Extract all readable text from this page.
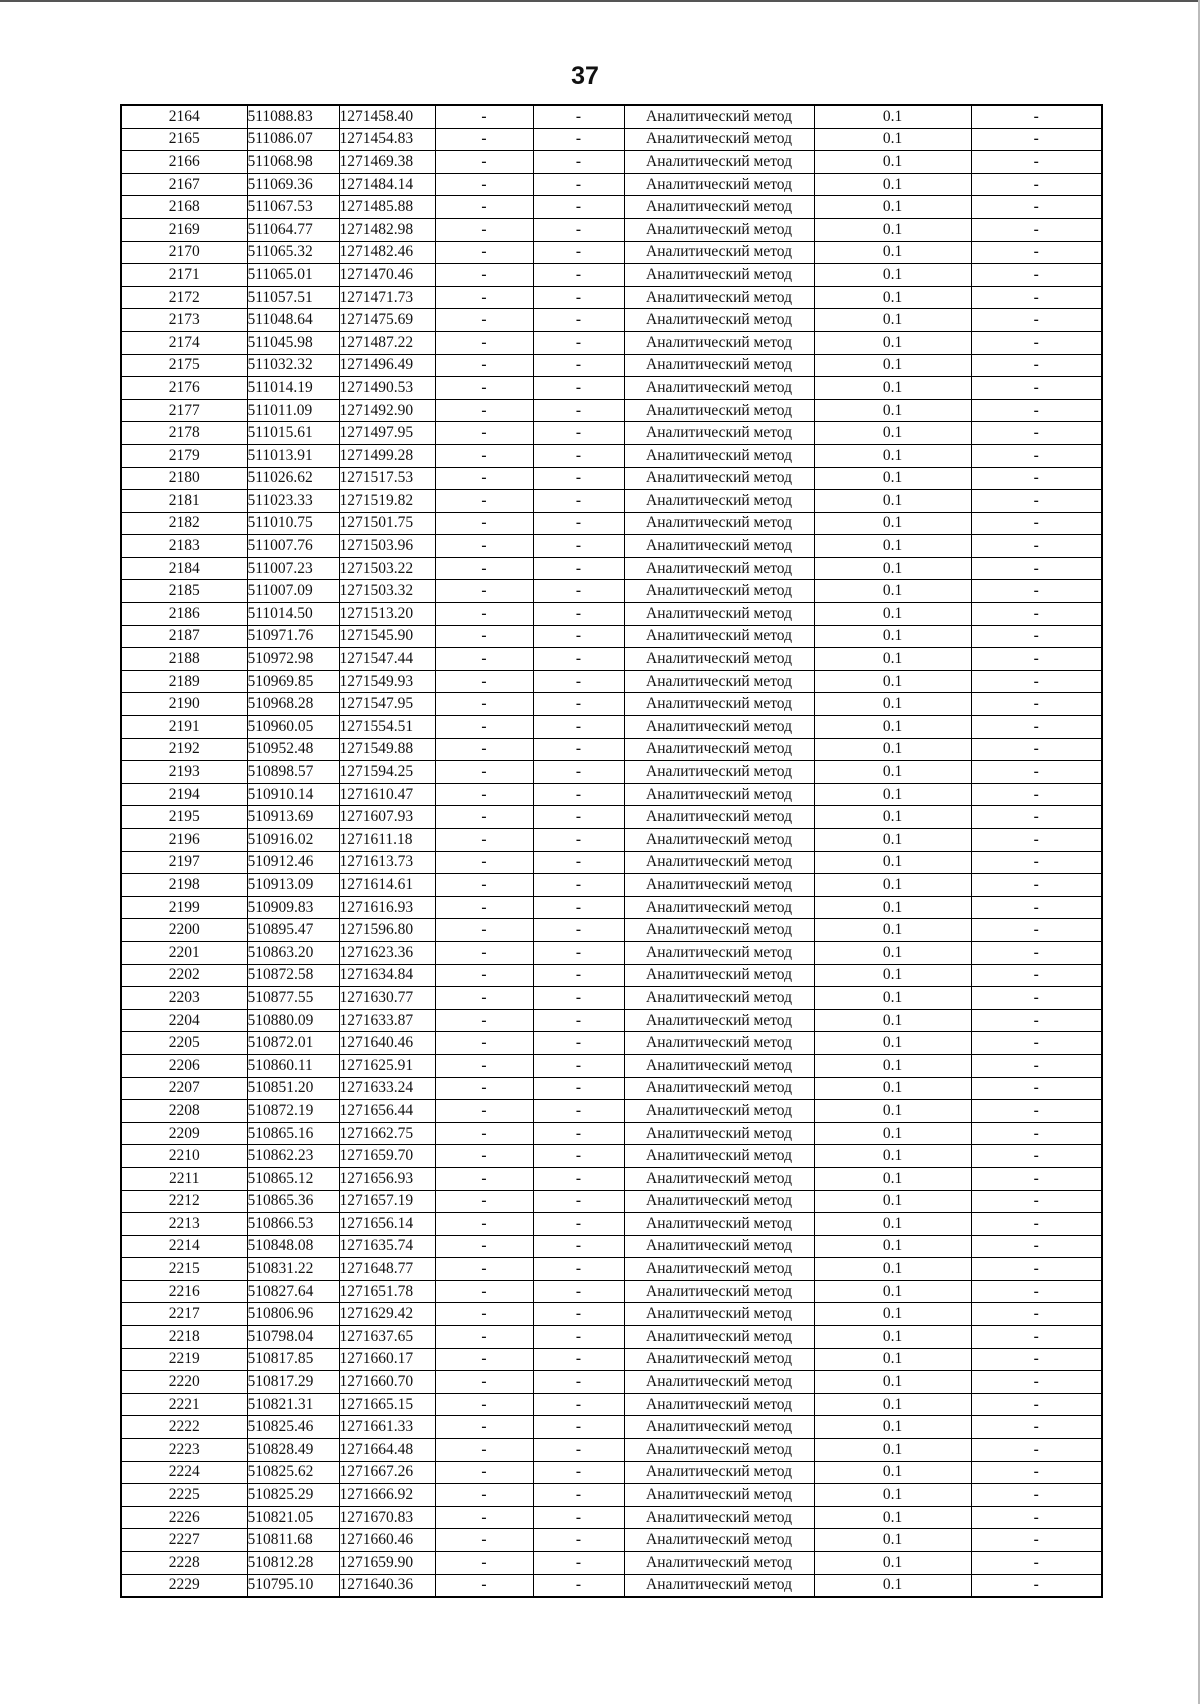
37
2164	511088.83	1271458.40	-	-	Аналитический метод	0.1	-
2165	511086.07	1271454.83	-	-	Аналитический метод	0.1	-
2166	511068.98	1271469.38	-	-	Аналитический метод	0.1	-
2167	511069.36	1271484.14	-	-	Аналитический метод	0.1	-
2168	511067.53	1271485.88	-	-	Аналитический метод	0.1	-
2169	511064.77	1271482.98	-	-	Аналитический метод	0.1	-
2170	511065.32	1271482.46	-	-	Аналитический метод	0.1	-
2171	511065.01	1271470.46	-	-	Аналитический метод	0.1	-
2172	511057.51	1271471.73	-	-	Аналитический метод	0.1	-
2173	511048.64	1271475.69	-	-	Аналитический метод	0.1	-
2174	511045.98	1271487.22	-	-	Аналитический метод	0.1	-
2175	511032.32	1271496.49	-	-	Аналитический метод	0.1	-
2176	511014.19	1271490.53	-	-	Аналитический метод	0.1	-
2177	511011.09	1271492.90	-	-	Аналитический метод	0.1	-
2178	511015.61	1271497.95	-	-	Аналитический метод	0.1	-
2179	511013.91	1271499.28	-	-	Аналитический метод	0.1	-
2180	511026.62	1271517.53	-	-	Аналитический метод	0.1	-
2181	511023.33	1271519.82	-	-	Аналитический метод	0.1	-
2182	511010.75	1271501.75	-	-	Аналитический метод	0.1	-
2183	511007.76	1271503.96	-	-	Аналитический метод	0.1	-
2184	511007.23	1271503.22	-	-	Аналитический метод	0.1	-
2185	511007.09	1271503.32	-	-	Аналитический метод	0.1	-
2186	511014.50	1271513.20	-	-	Аналитический метод	0.1	-
2187	510971.76	1271545.90	-	-	Аналитический метод	0.1	-
2188	510972.98	1271547.44	-	-	Аналитический метод	0.1	-
2189	510969.85	1271549.93	-	-	Аналитический метод	0.1	-
2190	510968.28	1271547.95	-	-	Аналитический метод	0.1	-
2191	510960.05	1271554.51	-	-	Аналитический метод	0.1	-
2192	510952.48	1271549.88	-	-	Аналитический метод	0.1	-
2193	510898.57	1271594.25	-	-	Аналитический метод	0.1	-
2194	510910.14	1271610.47	-	-	Аналитический метод	0.1	-
2195	510913.69	1271607.93	-	-	Аналитический метод	0.1	-
2196	510916.02	1271611.18	-	-	Аналитический метод	0.1	-
2197	510912.46	1271613.73	-	-	Аналитический метод	0.1	-
2198	510913.09	1271614.61	-	-	Аналитический метод	0.1	-
2199	510909.83	1271616.93	-	-	Аналитический метод	0.1	-
2200	510895.47	1271596.80	-	-	Аналитический метод	0.1	-
2201	510863.20	1271623.36	-	-	Аналитический метод	0.1	-
2202	510872.58	1271634.84	-	-	Аналитический метод	0.1	-
2203	510877.55	1271630.77	-	-	Аналитический метод	0.1	-
2204	510880.09	1271633.87	-	-	Аналитический метод	0.1	-
2205	510872.01	1271640.46	-	-	Аналитический метод	0.1	-
2206	510860.11	1271625.91	-	-	Аналитический метод	0.1	-
2207	510851.20	1271633.24	-	-	Аналитический метод	0.1	-
2208	510872.19	1271656.44	-	-	Аналитический метод	0.1	-
2209	510865.16	1271662.75	-	-	Аналитический метод	0.1	-
2210	510862.23	1271659.70	-	-	Аналитический метод	0.1	-
2211	510865.12	1271656.93	-	-	Аналитический метод	0.1	-
2212	510865.36	1271657.19	-	-	Аналитический метод	0.1	-
2213	510866.53	1271656.14	-	-	Аналитический метод	0.1	-
2214	510848.08	1271635.74	-	-	Аналитический метод	0.1	-
2215	510831.22	1271648.77	-	-	Аналитический метод	0.1	-
2216	510827.64	1271651.78	-	-	Аналитический метод	0.1	-
2217	510806.96	1271629.42	-	-	Аналитический метод	0.1	-
2218	510798.04	1271637.65	-	-	Аналитический метод	0.1	-
2219	510817.85	1271660.17	-	-	Аналитический метод	0.1	-
2220	510817.29	1271660.70	-	-	Аналитический метод	0.1	-
2221	510821.31	1271665.15	-	-	Аналитический метод	0.1	-
2222	510825.46	1271661.33	-	-	Аналитический метод	0.1	-
2223	510828.49	1271664.48	-	-	Аналитический метод	0.1	-
2224	510825.62	1271667.26	-	-	Аналитический метод	0.1	-
2225	510825.29	1271666.92	-	-	Аналитический метод	0.1	-
2226	510821.05	1271670.83	-	-	Аналитический метод	0.1	-
2227	510811.68	1271660.46	-	-	Аналитический метод	0.1	-
2228	510812.28	1271659.90	-	-	Аналитический метод	0.1	-
2229	510795.10	1271640.36	-	-	Аналитический метод	0.1	-
